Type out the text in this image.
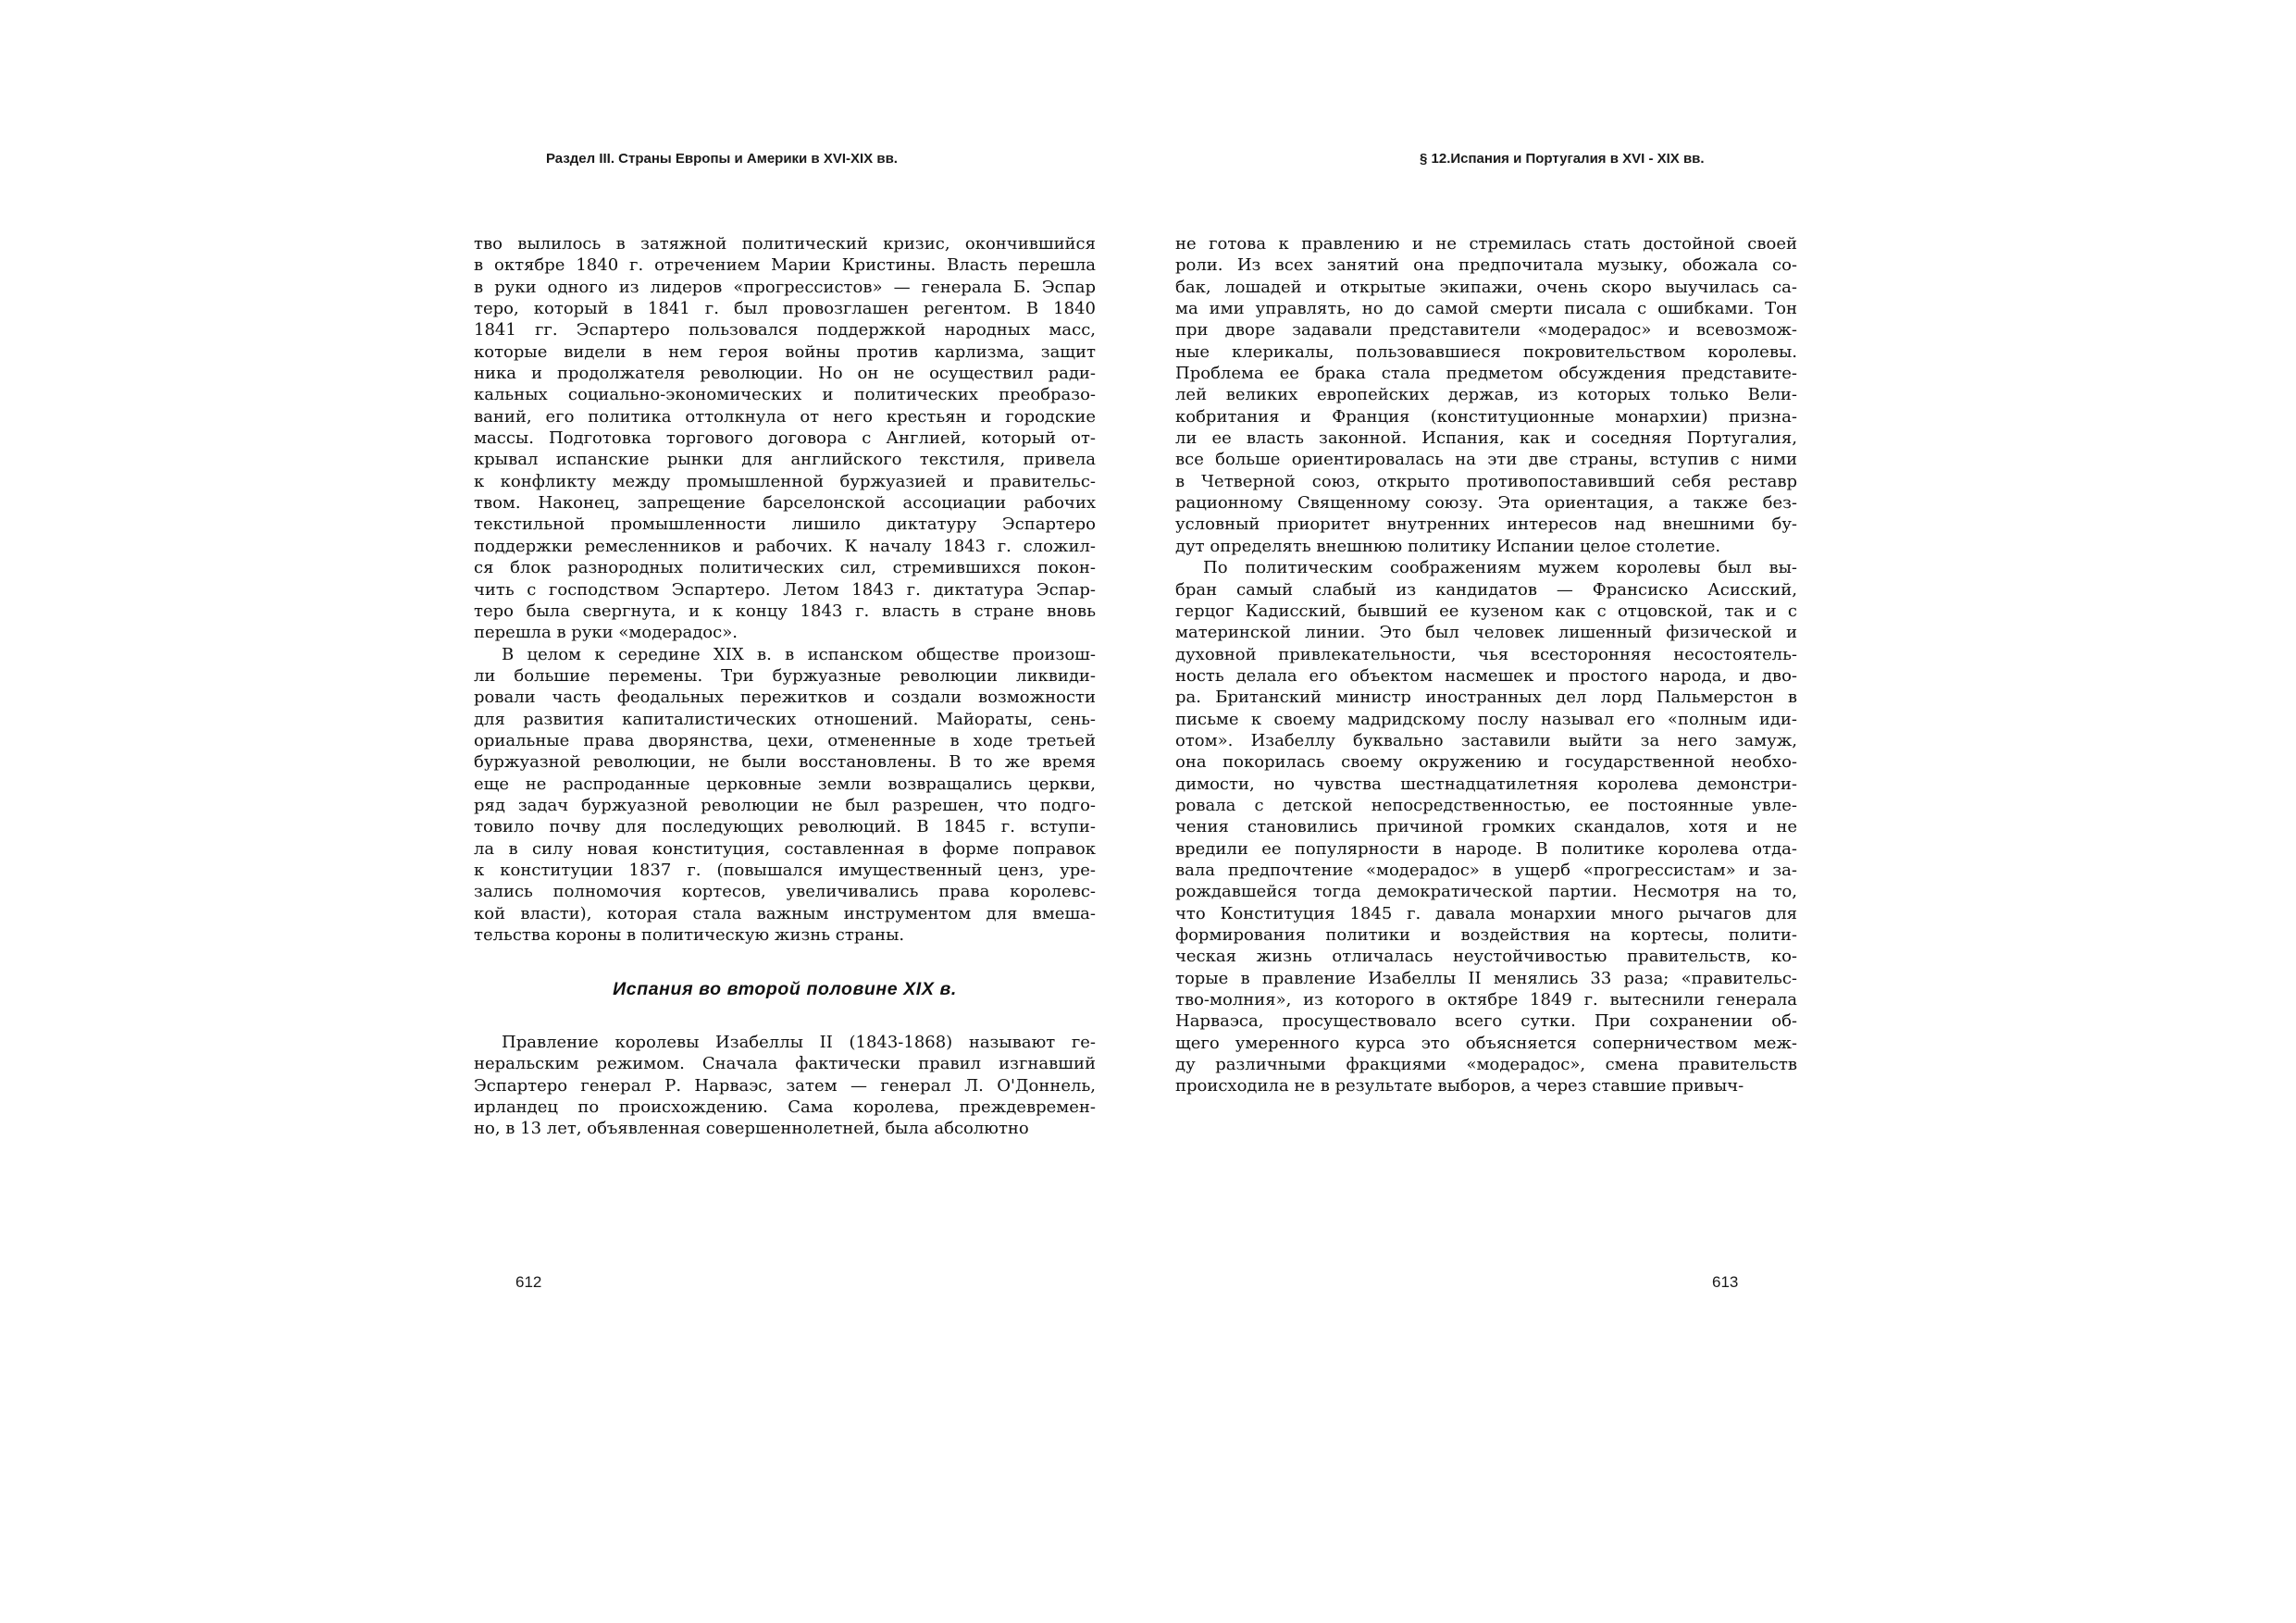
Раздел III. Страны Европы и Америки в XVI-XIX вв.
тво вылилось в затяжной политический кризис, окончившийся
в октябре 1840 г. отречением Марии Кристины. Власть перешла
в руки одного из лидеров «прогрессистов» — генерала Б. Эспар
теро, который в 1841 г. был провозглашен регентом. В 1840
1841 гг. Эспартеро пользовался поддержкой народных масс,
которые видели в нем героя войны против карлизма, защит
ника и продолжателя революции. Но он не осуществил ради-
кальных социально-экономических и политических преобразо-
ваний, его политика оттолкнула от него крестьян и городские
массы. Подготовка торгового договора с Англией, который от-
крывал испанские рынки для английского текстиля, привела
к конфликту между промышленной буржуазией и правительс-
твом. Наконец, запрещение барселонской ассоциации рабочих
текстильной промышленности лишило диктатуру Эспартеро
поддержки ремесленников и рабочих. К началу 1843 г. сложил-
ся блок разнородных политических сил, стремившихся покон-
чить с господством Эспартеро. Летом 1843 г. диктатура Эспар-
теро была свергнута, и к концу 1843 г. власть в стране вновь
перешла в руки «модерадос».
В целом к середине XIX в. в испанском обществе произош-
ли большие перемены. Три буржуазные революции ликвиди-
ровали часть феодальных пережитков и создали возможности
для развития капиталистических отношений. Майораты, сень-
ориальные права дворянства, цехи, отмененные в ходе третьей
буржуазной революции, не были восстановлены. В то же время
еще не распроданные церковные земли возвращались церкви,
ряд задач буржуазной революции не был разрешен, что подго-
товило почву для последующих революций. В 1845 г. вступи-
ла в силу новая конституция, составленная в форме поправок
к конституции 1837 г. (повышался имущественный ценз, уре-
зались полномочия кортесов, увеличивались права королевс-
кой власти), которая стала важным инструментом для вмеша-
тельства короны в политическую жизнь страны.
Испания во второй половине XIX в.
Правление королевы Изабеллы II (1843-1868) называют ге-
неральским режимом. Сначала фактически правил изгнавший
Эспартеро генерал Р. Нарваэс, затем — генерал Л. О'Доннель,
ирландец по происхождению. Сама королева, преждевремен-
но, в 13 лет, объявленная совершеннолетней, была абсолютно
612
§ 12.Испания и Португалия в XVI - XIX вв.
не готова к правлению и не стремилась стать достойной своей
роли. Из всех занятий она предпочитала музыку, обожала со-
бак, лошадей и открытые экипажи, очень скоро выучилась са-
ма ими управлять, но до самой смерти писала с ошибками. Тон
при дворе задавали представители «модерадос» и всевозмож-
ные клерикалы, пользовавшиеся покровительством королевы.
Проблема ее брака стала предметом обсуждения представите-
лей великих европейских держав, из которых только Вели-
кобритания и Франция (конституционные монархии) призна-
ли ее власть законной. Испания, как и соседняя Португалия,
все больше ориентировалась на эти две страны, вступив с ними
в Четверной союз, открыто противопоставивший себя реставр
рационному Священному союзу. Эта ориентация, а также без-
условный приоритет внутренних интересов над внешними бу-
дут определять внешнюю политику Испании целое столетие.
По политическим соображениям мужем королевы был вы-
бран самый слабый из кандидатов — Франсиско Асисский,
герцог Кадисский, бывший ее кузеном как с отцовской, так и с
материнской линии. Это был человек лишенный физической и
духовной привлекательности, чья всесторонняя несостоятель-
ность делала его объектом насмешек и простого народа, и дво-
ра. Британский министр иностранных дел лорд Пальмерстон в
письме к своему мадридскому послу называл его «полным иди-
отом». Изабеллу буквально заставили выйти за него замуж,
она покорилась своему окружению и государственной необхо-
димости, но чувства шестнадцатилетняя королева демонстри-
ровала с детской непосредственностью, ее постоянные увле-
чения становились причиной громких скандалов, хотя и не
вредили ее популярности в народе. В политике королева отда-
вала предпочтение «модерадос» в ущерб «прогрессистам» и за-
рождавшейся тогда демократической партии. Несмотря на то,
что Конституция 1845 г. давала монархии много рычагов для
формирования политики и воздействия на кортесы, полити-
ческая жизнь отличалась неустойчивостью правительств, ко-
торые в правление Изабеллы II менялись 33 раза; «правительс-
тво-молния», из которого в октябре 1849 г. вытеснили генерала
Нарваэса, просуществовало всего сутки. При сохранении об-
щего умеренного курса это объясняется соперничеством меж-
ду различными фракциями «модерадос», смена правительств
происходила не в результате выборов, а через ставшие привыч-
613
